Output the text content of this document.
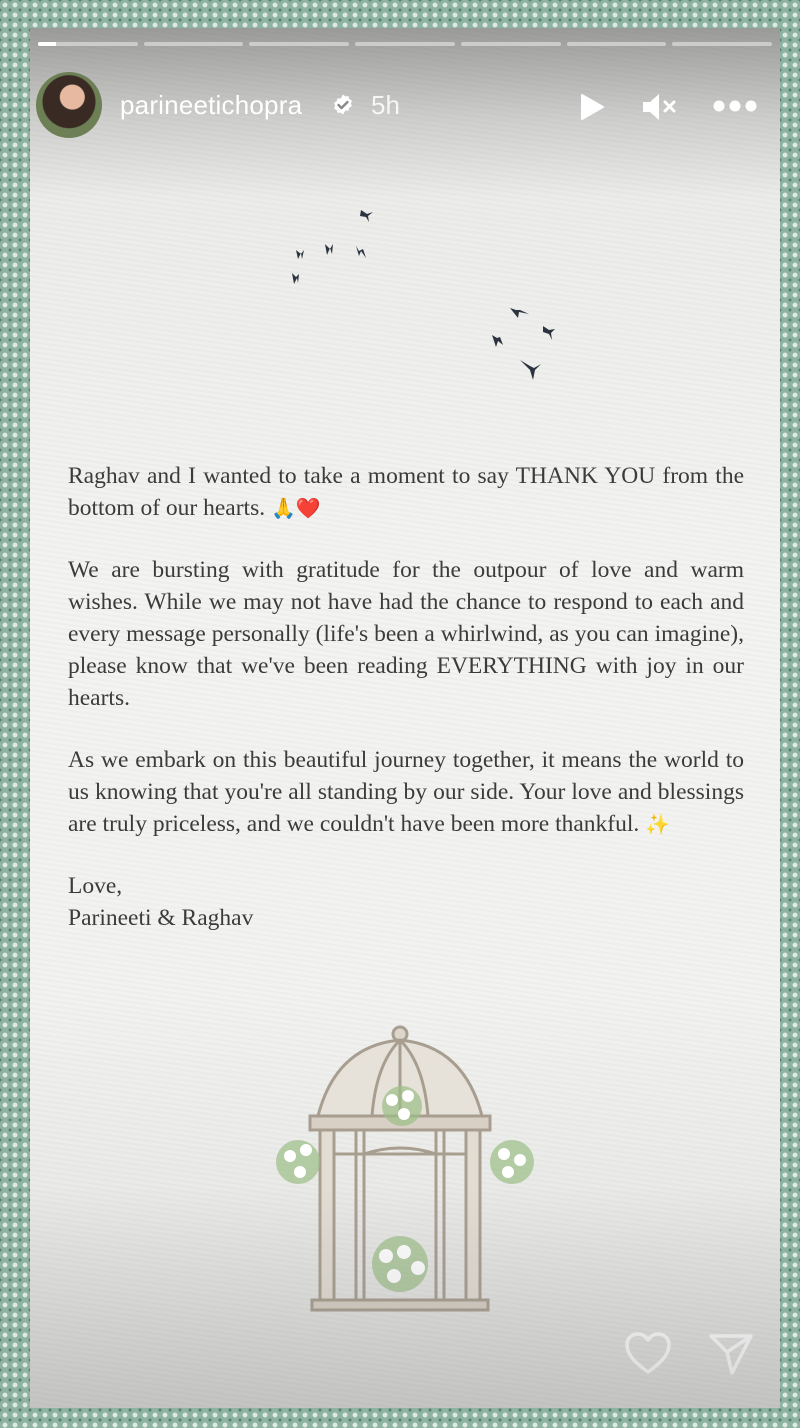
parineetichopra	5h

Raghav and I wanted to take a moment to say THANK YOU from the bottom of our hearts. 🙏❤️

We are bursting with gratitude for the outpour of love and warm wishes. While we may not have had the chance to respond to each and every message personally (life's been a whirlwind, as you can imagine), please know that we've been reading EVERYTHING with joy in our hearts.

As we embark on this beautiful journey together, it means the world to us knowing that you're all standing by our side. Your love and blessings are truly priceless, and we couldn't have been more thankful. ✨

Love,
Parineeti & Raghav
